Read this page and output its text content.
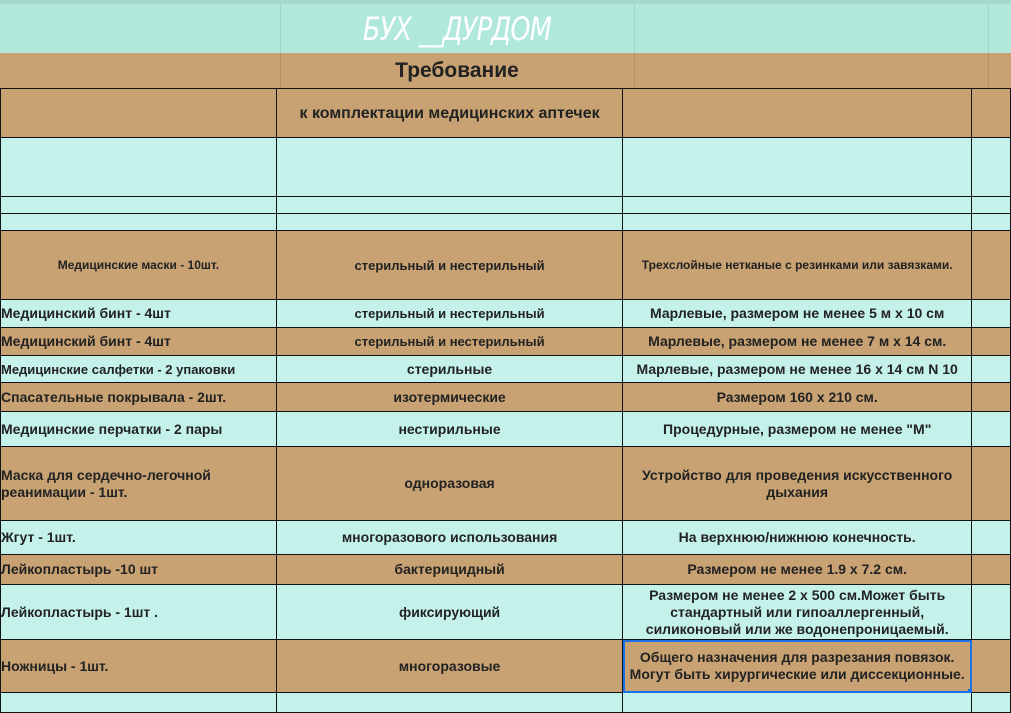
БУХ __ДУРДОМ
Требование
	к комплектации медицинских аптечек		

Медицинские маски - 10шт.	стерильный и нестерильный	Трехслойные нетканые с резинками или завязками.	
Медицинский бинт - 4шт	стерильный и нестерильный	Марлевые, размером не менее 5 м х 10 см	
Медицинский бинт - 4шт	стерильный и нестерильный	Марлевые, размером не менее 7 м х 14 см.	
Медицинские салфетки - 2 упаковки	стерильные	Марлевые, размером не менее 16 х 14 см N 10	
Спасательные покрывала - 2шт.	изотермические	Размером 160 х 210 см.	
Медицинские перчатки - 2 пары	нестирильные	Процедурные, размером не менее "M"	
Маска для сердечно-легочной реанимации - 1шт.	одноразовая	Устройство для проведения искусственного дыхания	
Жгут - 1шт.	многоразового использования	На верхнюю/нижнюю конечность.	
Лейкопластырь -10 шт	бактерицидный	Размером не менее 1.9 х 7.2 см.	
Лейкопластырь - 1шт .	фиксирующий	Размером не менее 2 х 500 см.Может быть стандартный или гипоаллергенный, силиконовый или же водонепроницаемый.	
Ножницы - 1шт.	многоразовые	Общего назначения для разрезания повязок. Могут быть хирургические или диссекционные.
